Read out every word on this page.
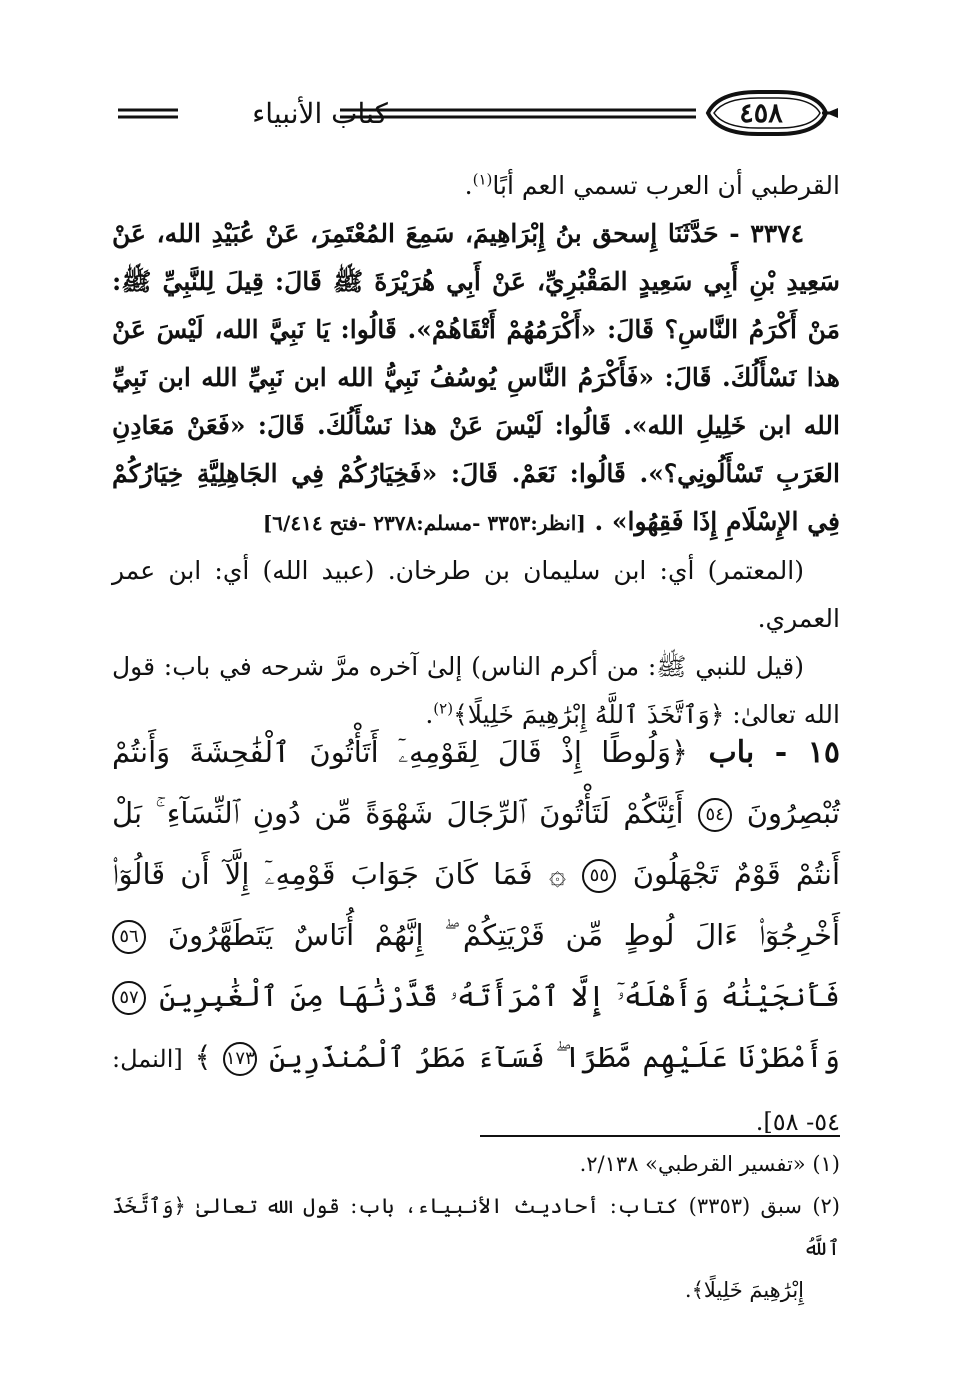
٤٥٨
كتاب الأنبياء

القرطبي أن العرب تسمي العم أبًا$^{(١)}$.

٣٣٧٤ - حَدَّثَنَا إِسحق بنُ إِبْرَاهِيمَ، سَمِعَ المُعْتَمِرَ، عَنْ عُبَيْدِ الله، عَنْ سَعِيدِ بْنِ أَبِي سَعِيدٍ المَقْبُرِيِّ، عَنْ أَبِي هُرَيْرَةَ ﷺ قَالَ: قِيلَ لِلنَّبِيِّ ﷺ: مَنْ أَكْرَمُ النَّاسِ؟ قَالَ: «أَكْرَمُهُمْ أَتْقَاهُمْ». قَالُوا: يَا نَبِيَّ الله، لَيْسَ عَنْ هذا نَسْأَلُكَ. قَالَ: «فَأَكْرَمُ النَّاسِ يُوسُفُ نَبِيُّ الله ابن نَبِيِّ الله ابن نَبِيِّ الله ابن خَلِيلِ الله». قَالُوا: لَيْسَ عَنْ هذا نَسْأَلُكَ. قَالَ: «فَعَنْ مَعَادِنِ العَرَبِ تَسْأَلُونِي؟». قَالُوا: نَعَمْ. قَالَ: «فَخِيَارُكُمْ فِي الجَاهِلِيَّةِ خِيَارُكُمْ فِي الإِسْلَامِ إِذَا فَقِهُوا» . [انظر:٣٣٥٣ -مسلم:٢٣٧٨ -فتح ٦/٤١٤]

(المعتمر) أي: ابن سليمان بن طرخان. (عبيد الله) أي: ابن عمر العمري.

(قيل للنبي ﷺ: من أكرم الناس) إلىٰ آخره مرَّ شرحه في باب: قول الله تعالىٰ: ﴿وَٱتَّخَذَ ٱللَّهُ إِبْرَٰهِيمَ خَلِيلًا﴾$^{(٢)}$.

١٥ - باب ﴿وَلُوطًا إِذْ قَالَ لِقَوْمِهِۦٓ أَتَأْتُونَ ٱلْفَٰحِشَةَ وَأَنتُمْ تُبْصِرُونَ ٥٤ أَئِنَّكُمْ لَتَأْتُونَ ٱلرِّجَالَ شَهْوَةً مِّن دُونِ ٱلنِّسَآءِ ۚ بَلْ أَنتُمْ قَوْمٌ تَجْهَلُونَ ٥٥ ۞ فَمَا كَانَ جَوَابَ قَوْمِهِۦٓ إِلَّآ أَن قَالُوٓا۟ أَخْرِجُوٓا۟ ءَالَ لُوطٍ مِّن قَرْيَتِكُمْ ۖ إِنَّهُمْ أُنَاسٌ يَتَطَهَّرُونَ ٥٦ فَأَنجَيْنَٰهُ وَأَهْلَهُۥٓ إِلَّا ٱمْرَأَتَهُۥ قَدَّرْنَٰهَا مِنَ ٱلْغَٰبِرِينَ ٥٧ وَأَمْطَرْنَا عَلَيْهِم مَّطَرًا ۖ فَسَآءَ مَطَرُ ٱلْمُنذَرِينَ ١٧٣ ﴾ [النمل: ٥٤- ٥٨].

(١) «تفسير القرطبي» ٢/١٣٨.

(٢) سبق (٣٣٥٣) كتاب: أحاديث الأنبياء، باب: قول الله تعالىٰ ﴿وَٱتَّخَذَ ٱللَّهُ

إِبْرَٰهِيمَ خَلِيلًا﴾.
